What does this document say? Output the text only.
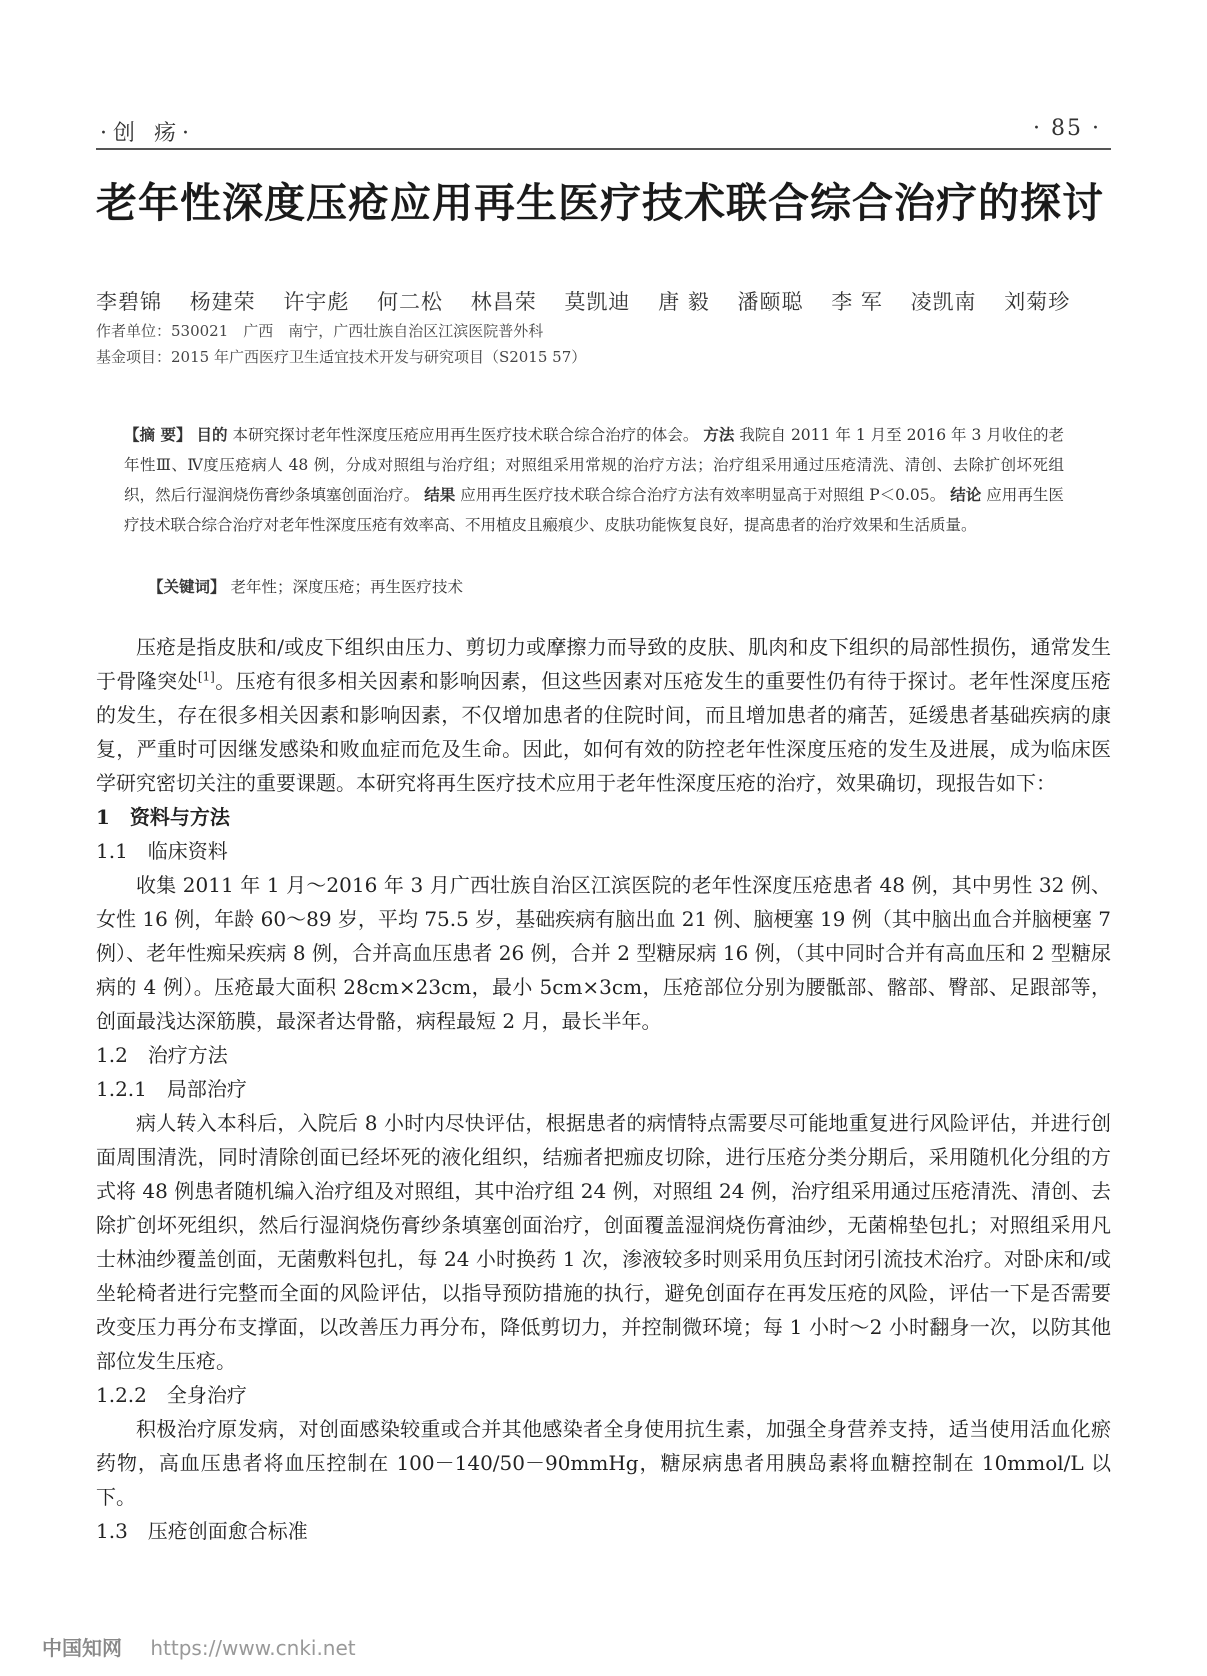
·创 疡·	· 85 ·
老年性深度压疮应用再生医疗技术联合综合治疗的探讨
李碧锦 杨建荣 许宇彪 何二松 林昌荣 莫凯迪 唐 毅 潘颐聪 李 军 凌凯南 刘菊珍
作者单位：530021　广西　南宁，广西壮族自治区江滨医院普外科
基金项目：2015 年广西医疗卫生适宜技术开发与研究项目（S2015 57）
【摘 要】 目的 本研究探讨老年性深度压疮应用再生医疗技术联合综合治疗的体会。 方法 我院自 2011 年 1 月至 2016 年 3 月收住的老年性Ⅲ、Ⅳ度压疮病人 48 例，分成对照组与治疗组；对照组采用常规的治疗方法；治疗组采用通过压疮清洗、清创、去除扩创坏死组织，然后行湿润烧伤膏纱条填塞创面治疗。 结果 应用再生医疗技术联合综合治疗方法有效率明显高于对照组 P＜0.05。 结论 应用再生医疗技术联合综合治疗对老年性深度压疮有效率高、不用植皮且瘢痕少、皮肤功能恢复良好，提高患者的治疗效果和生活质量。
【关键词】 老年性；深度压疮；再生医疗技术

压疮是指皮肤和/或皮下组织由压力、剪切力或摩擦力而导致的皮肤、肌肉和皮下组织的局部性损伤，通常发生于骨隆突处[1]。压疮有很多相关因素和影响因素，但这些因素对压疮发生的重要性仍有待于探讨。老年性深度压疮的发生，存在很多相关因素和影响因素，不仅增加患者的住院时间，而且增加患者的痛苦，延缓患者基础疾病的康复，严重时可因继发感染和败血症而危及生命。因此，如何有效的防控老年性深度压疮的发生及进展，成为临床医学研究密切关注的重要课题。本研究将再生医疗技术应用于老年性深度压疮的治疗，效果确切，现报告如下：

1　资料与方法
1.1　临床资料

收集 2011 年 1 月～2016 年 3 月广西壮族自治区江滨医院的老年性深度压疮患者 48 例，其中男性 32 例、女性 16 例，年龄 60～89 岁，平均 75.5 岁，基础疾病有脑出血 21 例、脑梗塞 19 例（其中脑出血合并脑梗塞 7 例）、老年性痴呆疾病 8 例，合并高血压患者 26 例，合并 2 型糖尿病 16 例，（其中同时合并有高血压和 2 型糖尿病的 4 例）。压疮最大面积 28cm×23cm，最小 5cm×3cm，压疮部位分别为腰骶部、髂部、臀部、足跟部等，创面最浅达深筋膜，最深者达骨骼，病程最短 2 月，最长半年。

1.2　治疗方法
1.2.1　局部治疗

病人转入本科后，入院后 8 小时内尽快评估，根据患者的病情特点需要尽可能地重复进行风险评估，并进行创面周围清洗，同时清除创面已经坏死的液化组织，结痂者把痂皮切除，进行压疮分类分期后，采用随机化分组的方式将 48 例患者随机编入治疗组及对照组，其中治疗组 24 例，对照组 24 例，治疗组采用通过压疮清洗、清创、去除扩创坏死组织，然后行湿润烧伤膏纱条填塞创面治疗，创面覆盖湿润烧伤膏油纱，无菌棉垫包扎；对照组采用凡士林油纱覆盖创面，无菌敷料包扎，每 24 小时换药 1 次，渗液较多时则采用负压封闭引流技术治疗。对卧床和/或坐轮椅者进行完整而全面的风险评估，以指导预防措施的执行，避免创面存在再发压疮的风险，评估一下是否需要改变压力再分布支撑面，以改善压力再分布，降低剪切力，并控制微环境；每 1 小时～2 小时翻身一次，以防其他部位发生压疮。

1.2.2　全身治疗

积极治疗原发病，对创面感染较重或合并其他感染者全身使用抗生素，加强全身营养支持，适当使用活血化瘀药物，高血压患者将血压控制在 100－140/50－90mmHg，糖尿病患者用胰岛素将血糖控制在 10mmol/L 以下。

1.3　压疮创面愈合标准
中国知网 https://www.cnki.net
